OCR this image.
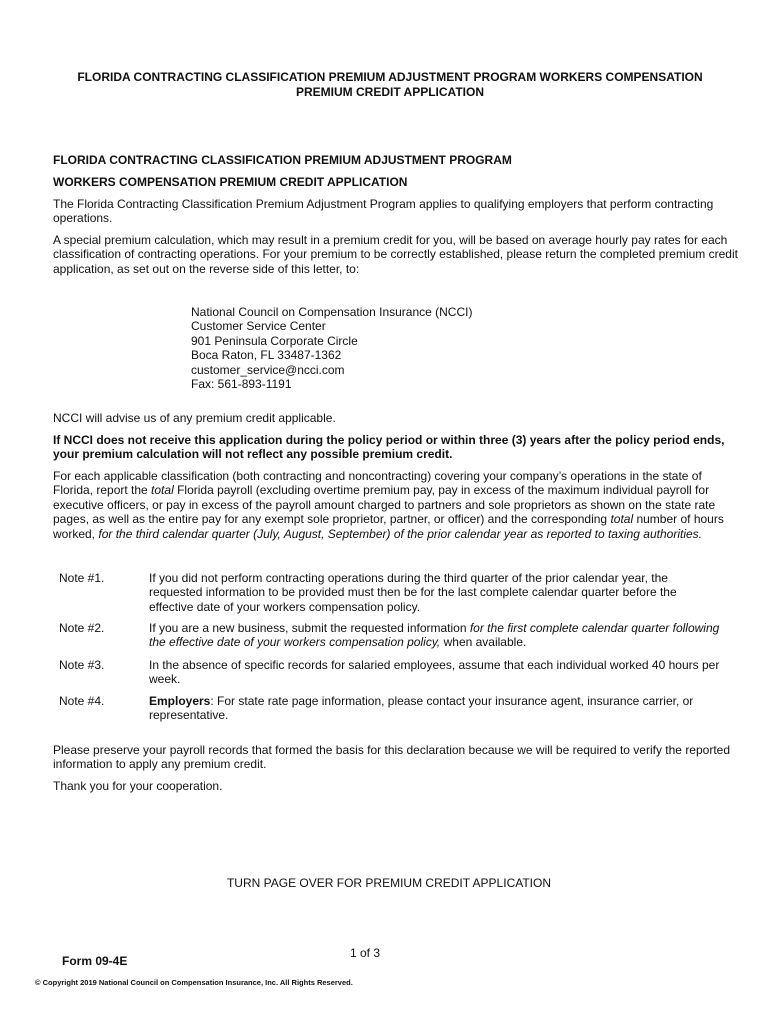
FLORIDA CONTRACTING CLASSIFICATION PREMIUM ADJUSTMENT PROGRAM WORKERS COMPENSATION
PREMIUM CREDIT APPLICATION
FLORIDA CONTRACTING CLASSIFICATION PREMIUM ADJUSTMENT PROGRAM
WORKERS COMPENSATION PREMIUM CREDIT APPLICATION
The Florida Contracting Classification Premium Adjustment Program applies to qualifying employers that perform contracting operations.
A special premium calculation, which may result in a premium credit for you, will be based on average hourly pay rates for each classification of contracting operations. For your premium to be correctly established, please return the completed premium credit application, as set out on the reverse side of this letter, to:
National Council on Compensation Insurance (NCCI)
Customer Service Center
901 Peninsula Corporate Circle
Boca Raton, FL 33487-1362
customer_service@ncci.com
Fax: 561-893-1191
NCCI will advise us of any premium credit applicable.
If NCCI does not receive this application during the policy period or within three (3) years after the policy period ends, your premium calculation will not reflect any possible premium credit.
For each applicable classification (both contracting and noncontracting) covering your company’s operations in the state of Florida, report the total Florida payroll (excluding overtime premium pay, pay in excess of the maximum individual payroll for executive officers, or pay in excess of the payroll amount charged to partners and sole proprietors as shown on the state rate pages, as well as the entire pay for any exempt sole proprietor, partner, or officer) and the corresponding total number of hours worked, for the third calendar quarter (July, August, September) of the prior calendar year as reported to taxing authorities.
Note #1.	If you did not perform contracting operations during the third quarter of the prior calendar year, the requested information to be provided must then be for the last complete calendar quarter before the effective date of your workers compensation policy.
Note #2.	If you are a new business, submit the requested information for the first complete calendar quarter following the effective date of your workers compensation policy, when available.
Note #3.	In the absence of specific records for salaried employees, assume that each individual worked 40 hours per week.
Note #4.	Employers: For state rate page information, please contact your insurance agent, insurance carrier, or representative.
Please preserve your payroll records that formed the basis for this declaration because we will be required to verify the reported information to apply any premium credit.
Thank you for your cooperation.
TURN PAGE OVER FOR PREMIUM CREDIT APPLICATION
1 of 3
Form 09-4E
© Copyright 2019 National Council on Compensation Insurance, Inc. All Rights Reserved.
